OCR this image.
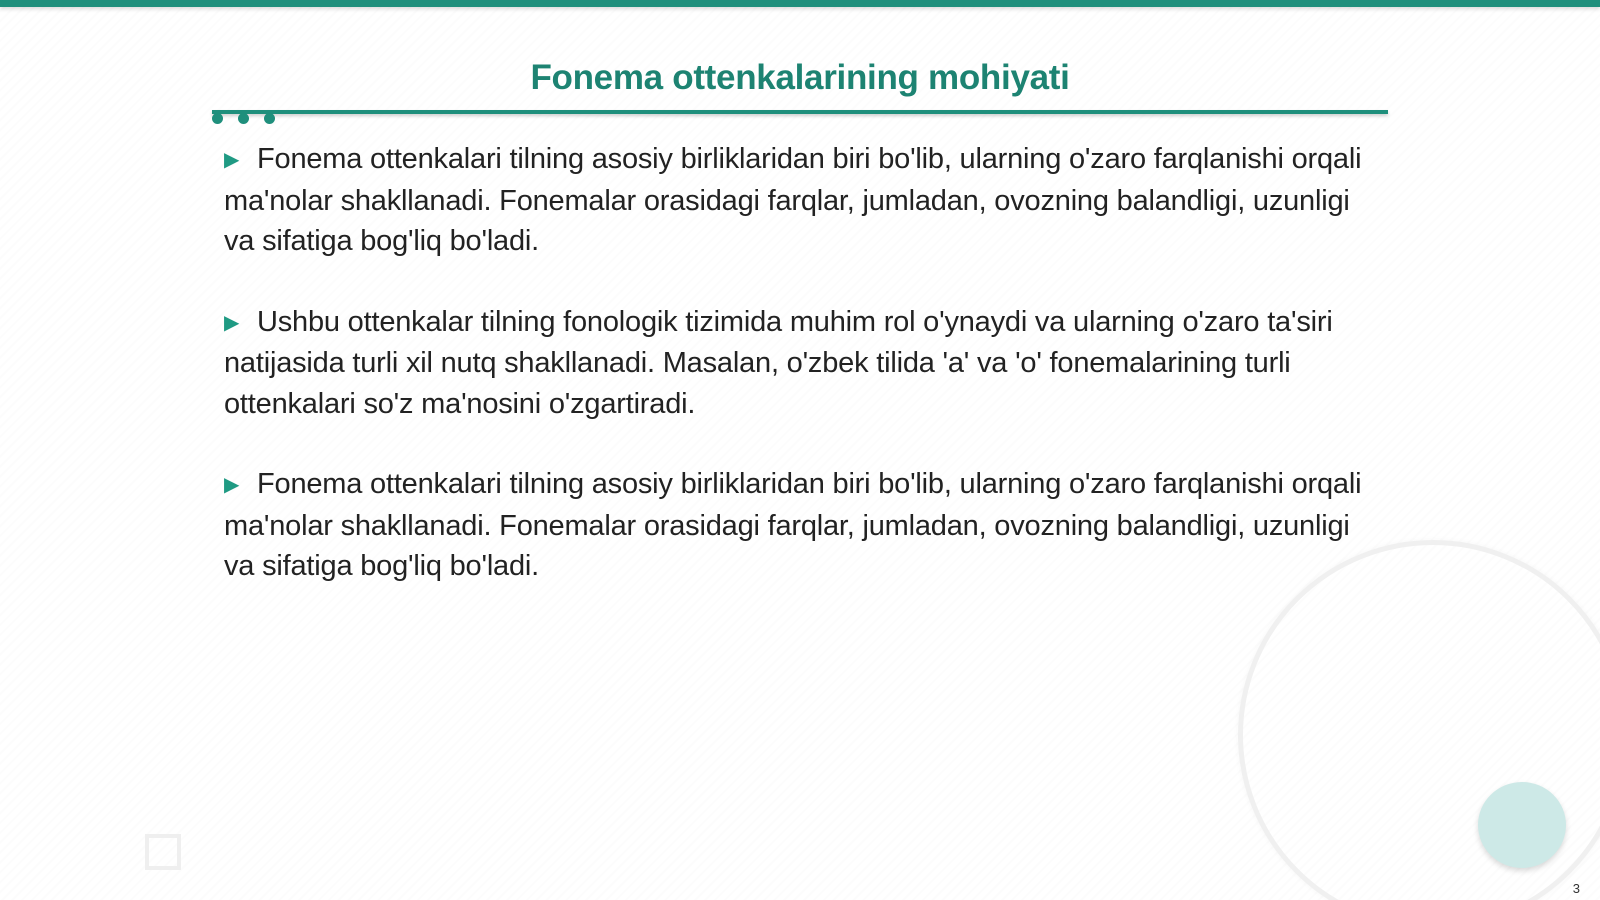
Fonema ottenkalarining mohiyati

▶ Fonema ottenkalari tilning asosiy birliklaridan biri bo'lib, ularning o'zaro farqlanishi orqali ma'nolar shakllanadi. Fonemalar orasidagi farqlar, jumladan, ovozning balandligi, uzunligi va sifatiga bog'liq bo'ladi.

▶ Ushbu ottenkalar tilning fonologik tizimida muhim rol o'ynaydi va ularning o'zaro ta'siri natijasida turli xil nutq shakllanadi. Masalan, o'zbek tilida 'a' va 'o' fonemalarining turli ottenkalari so'z ma'nosini o'zgartiradi.

▶ Fonema ottenkalari tilning asosiy birliklaridan biri bo'lib, ularning o'zaro farqlanishi orqali ma'nolar shakllanadi. Fonemalar orasidagi farqlar, jumladan, ovozning balandligi, uzunligi va sifatiga bog'liq bo'ladi.

3
